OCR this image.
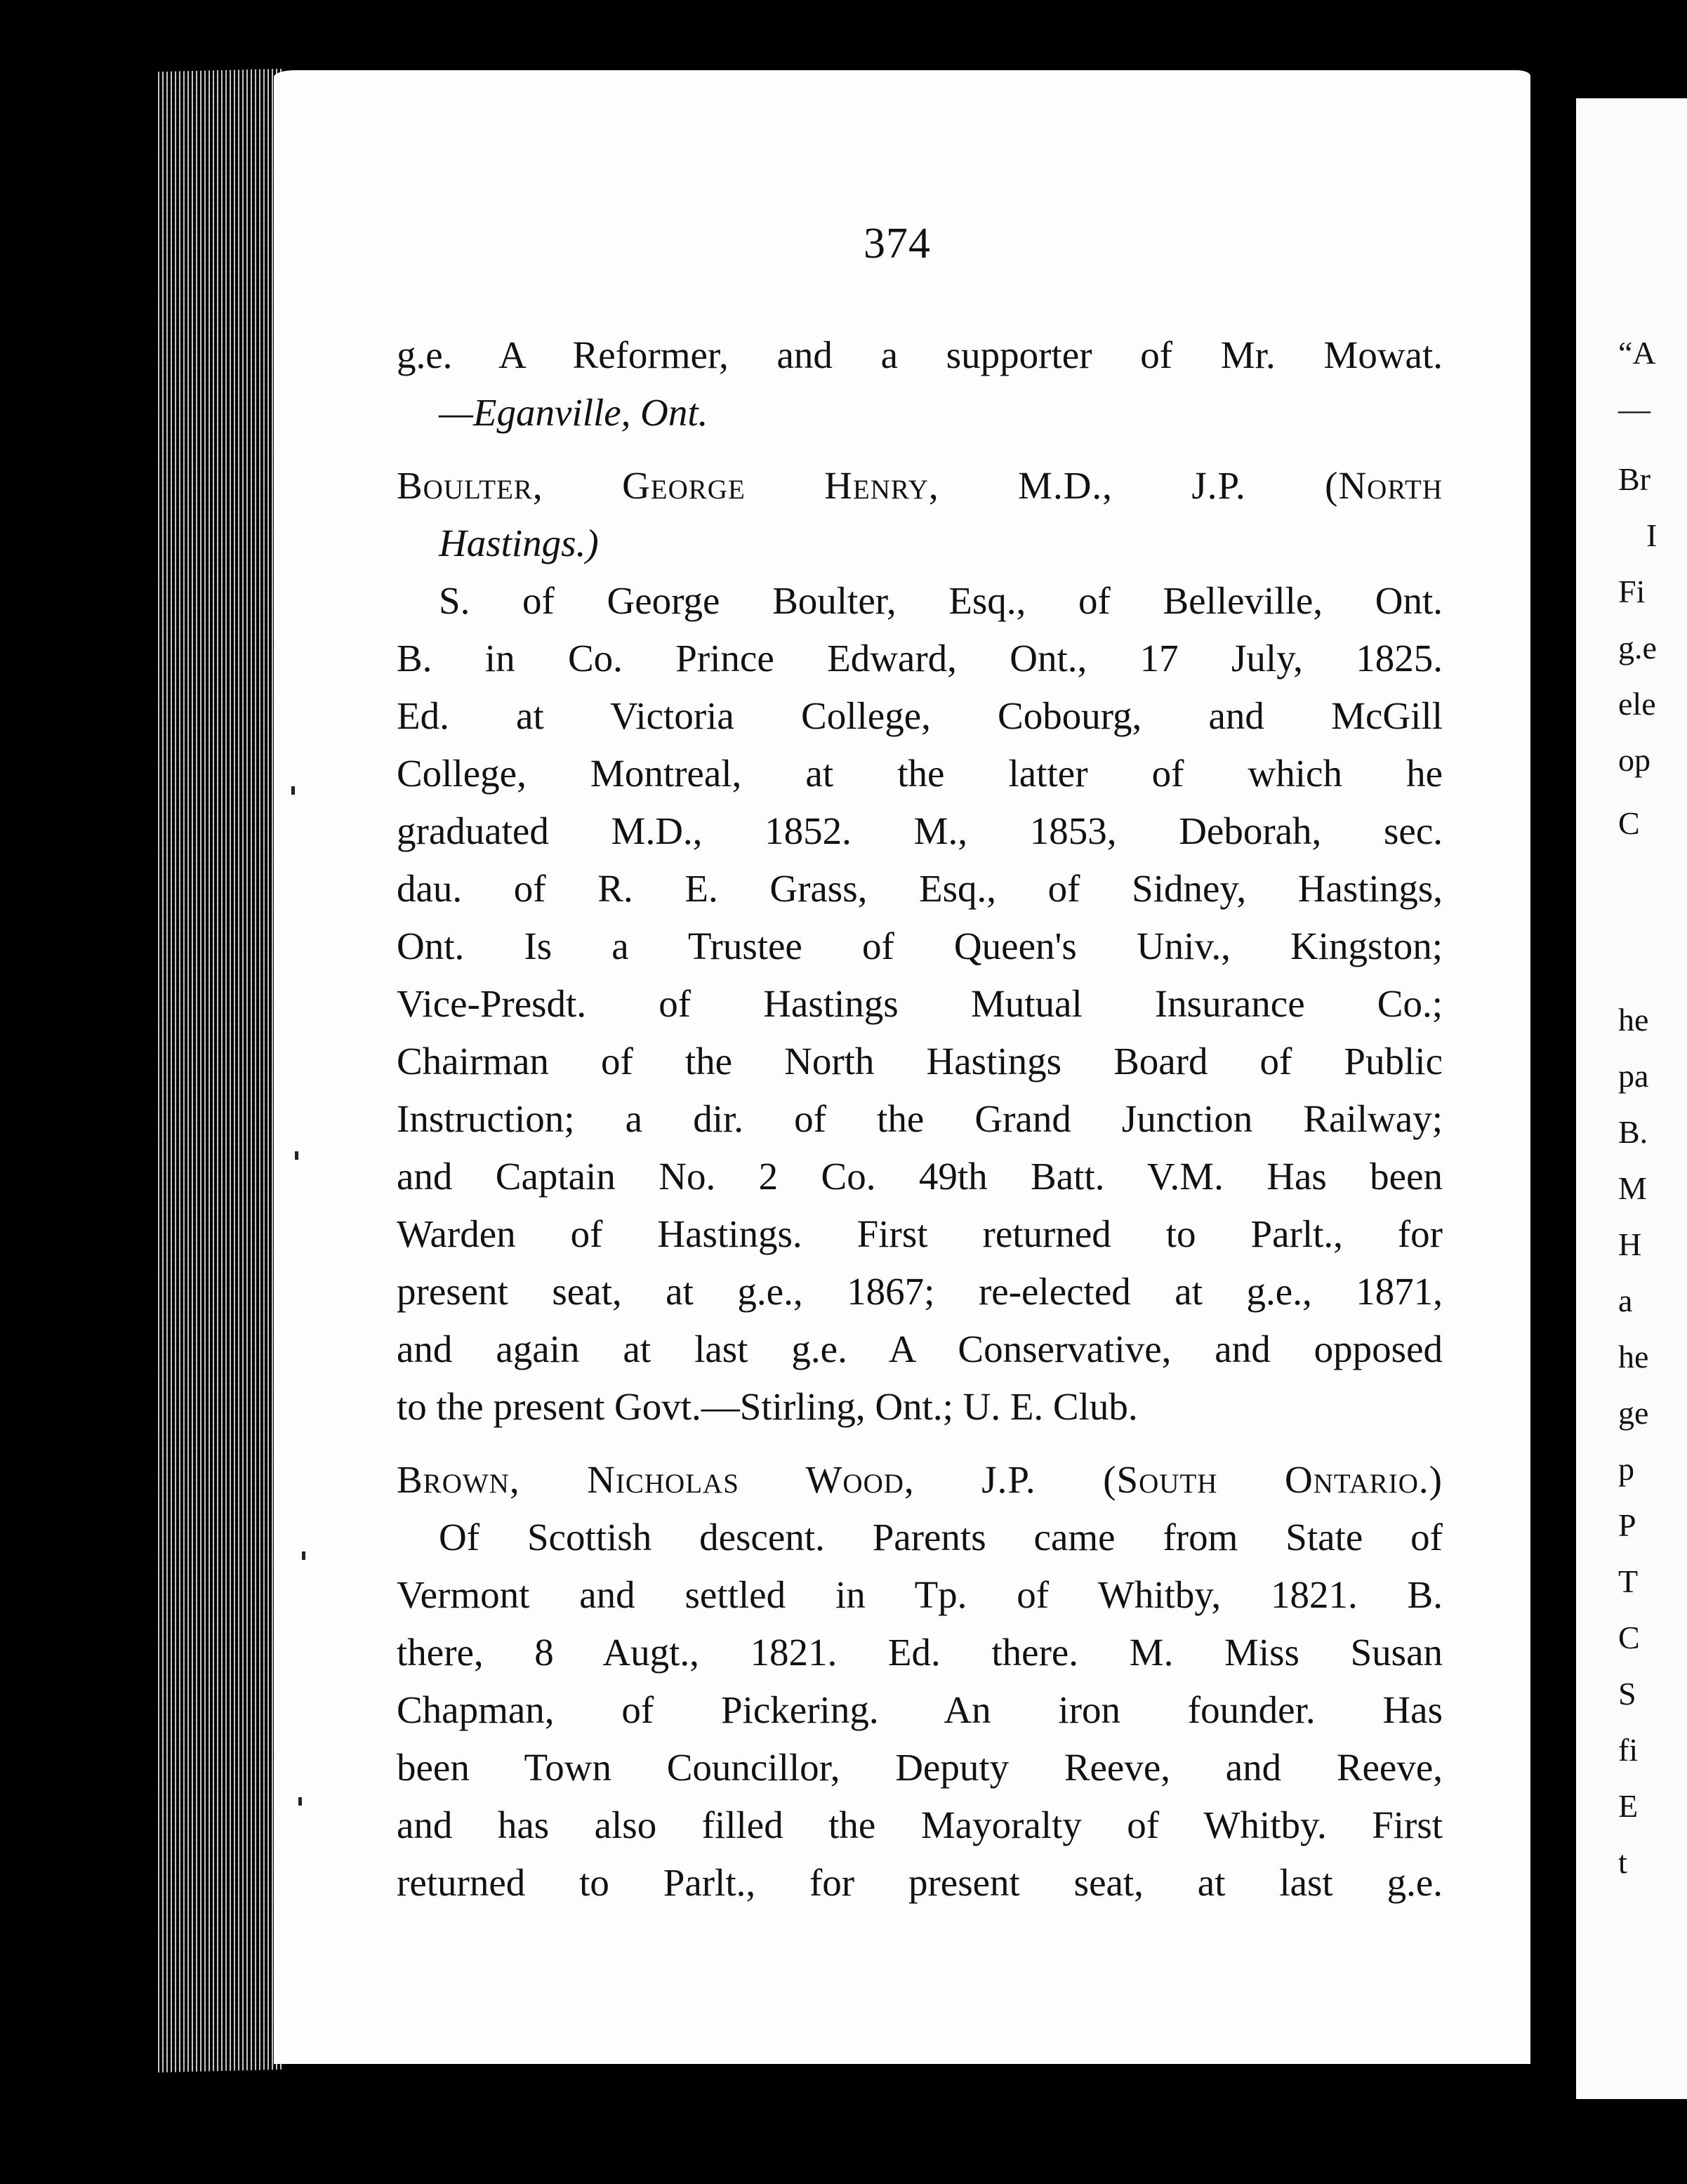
“A
—
Br
I
Fi
g.e
ele
op
C
he
pa
B.
M
H
a
he
ge
p
P
T
C
S
fi
E
t
374
g.e. A Reformer, and a supporter of Mr. Mowat.
—Eganville, Ont.
Boulter, George Henry, M.D., J.P. (North
Hastings.)
S. of George Boulter, Esq., of Belleville, Ont.
B. in Co. Prince Edward, Ont., 17 July, 1825.
Ed. at Victoria College, Cobourg, and McGill
College, Montreal, at the latter of which he
graduated M.D., 1852. M., 1853, Deborah, sec.
dau. of R. E. Grass, Esq., of Sidney, Hastings,
Ont. Is a Trustee of Queen's Univ., Kingston;
Vice-Presdt. of Hastings Mutual Insurance Co.;
Chairman of the North Hastings Board of Public
Instruction; a dir. of the Grand Junction Railway;
and Captain No. 2 Co. 49th Batt. V.M. Has been
Warden of Hastings. First returned to Parlt., for
present seat, at g.e., 1867; re-elected at g.e., 1871,
and again at last g.e. A Conservative, and opposed
to the present Govt.—Stirling, Ont.; U. E. Club.
Brown, Nicholas Wood, J.P. (South Ontario.)
Of Scottish descent. Parents came from State of
Vermont and settled in Tp. of Whitby, 1821. B.
there, 8 Augt., 1821. Ed. there. M. Miss Susan
Chapman, of Pickering. An iron founder. Has
been Town Councillor, Deputy Reeve, and Reeve,
and has also filled the Mayoralty of Whitby. First
returned to Parlt., for present seat, at last g.e.
